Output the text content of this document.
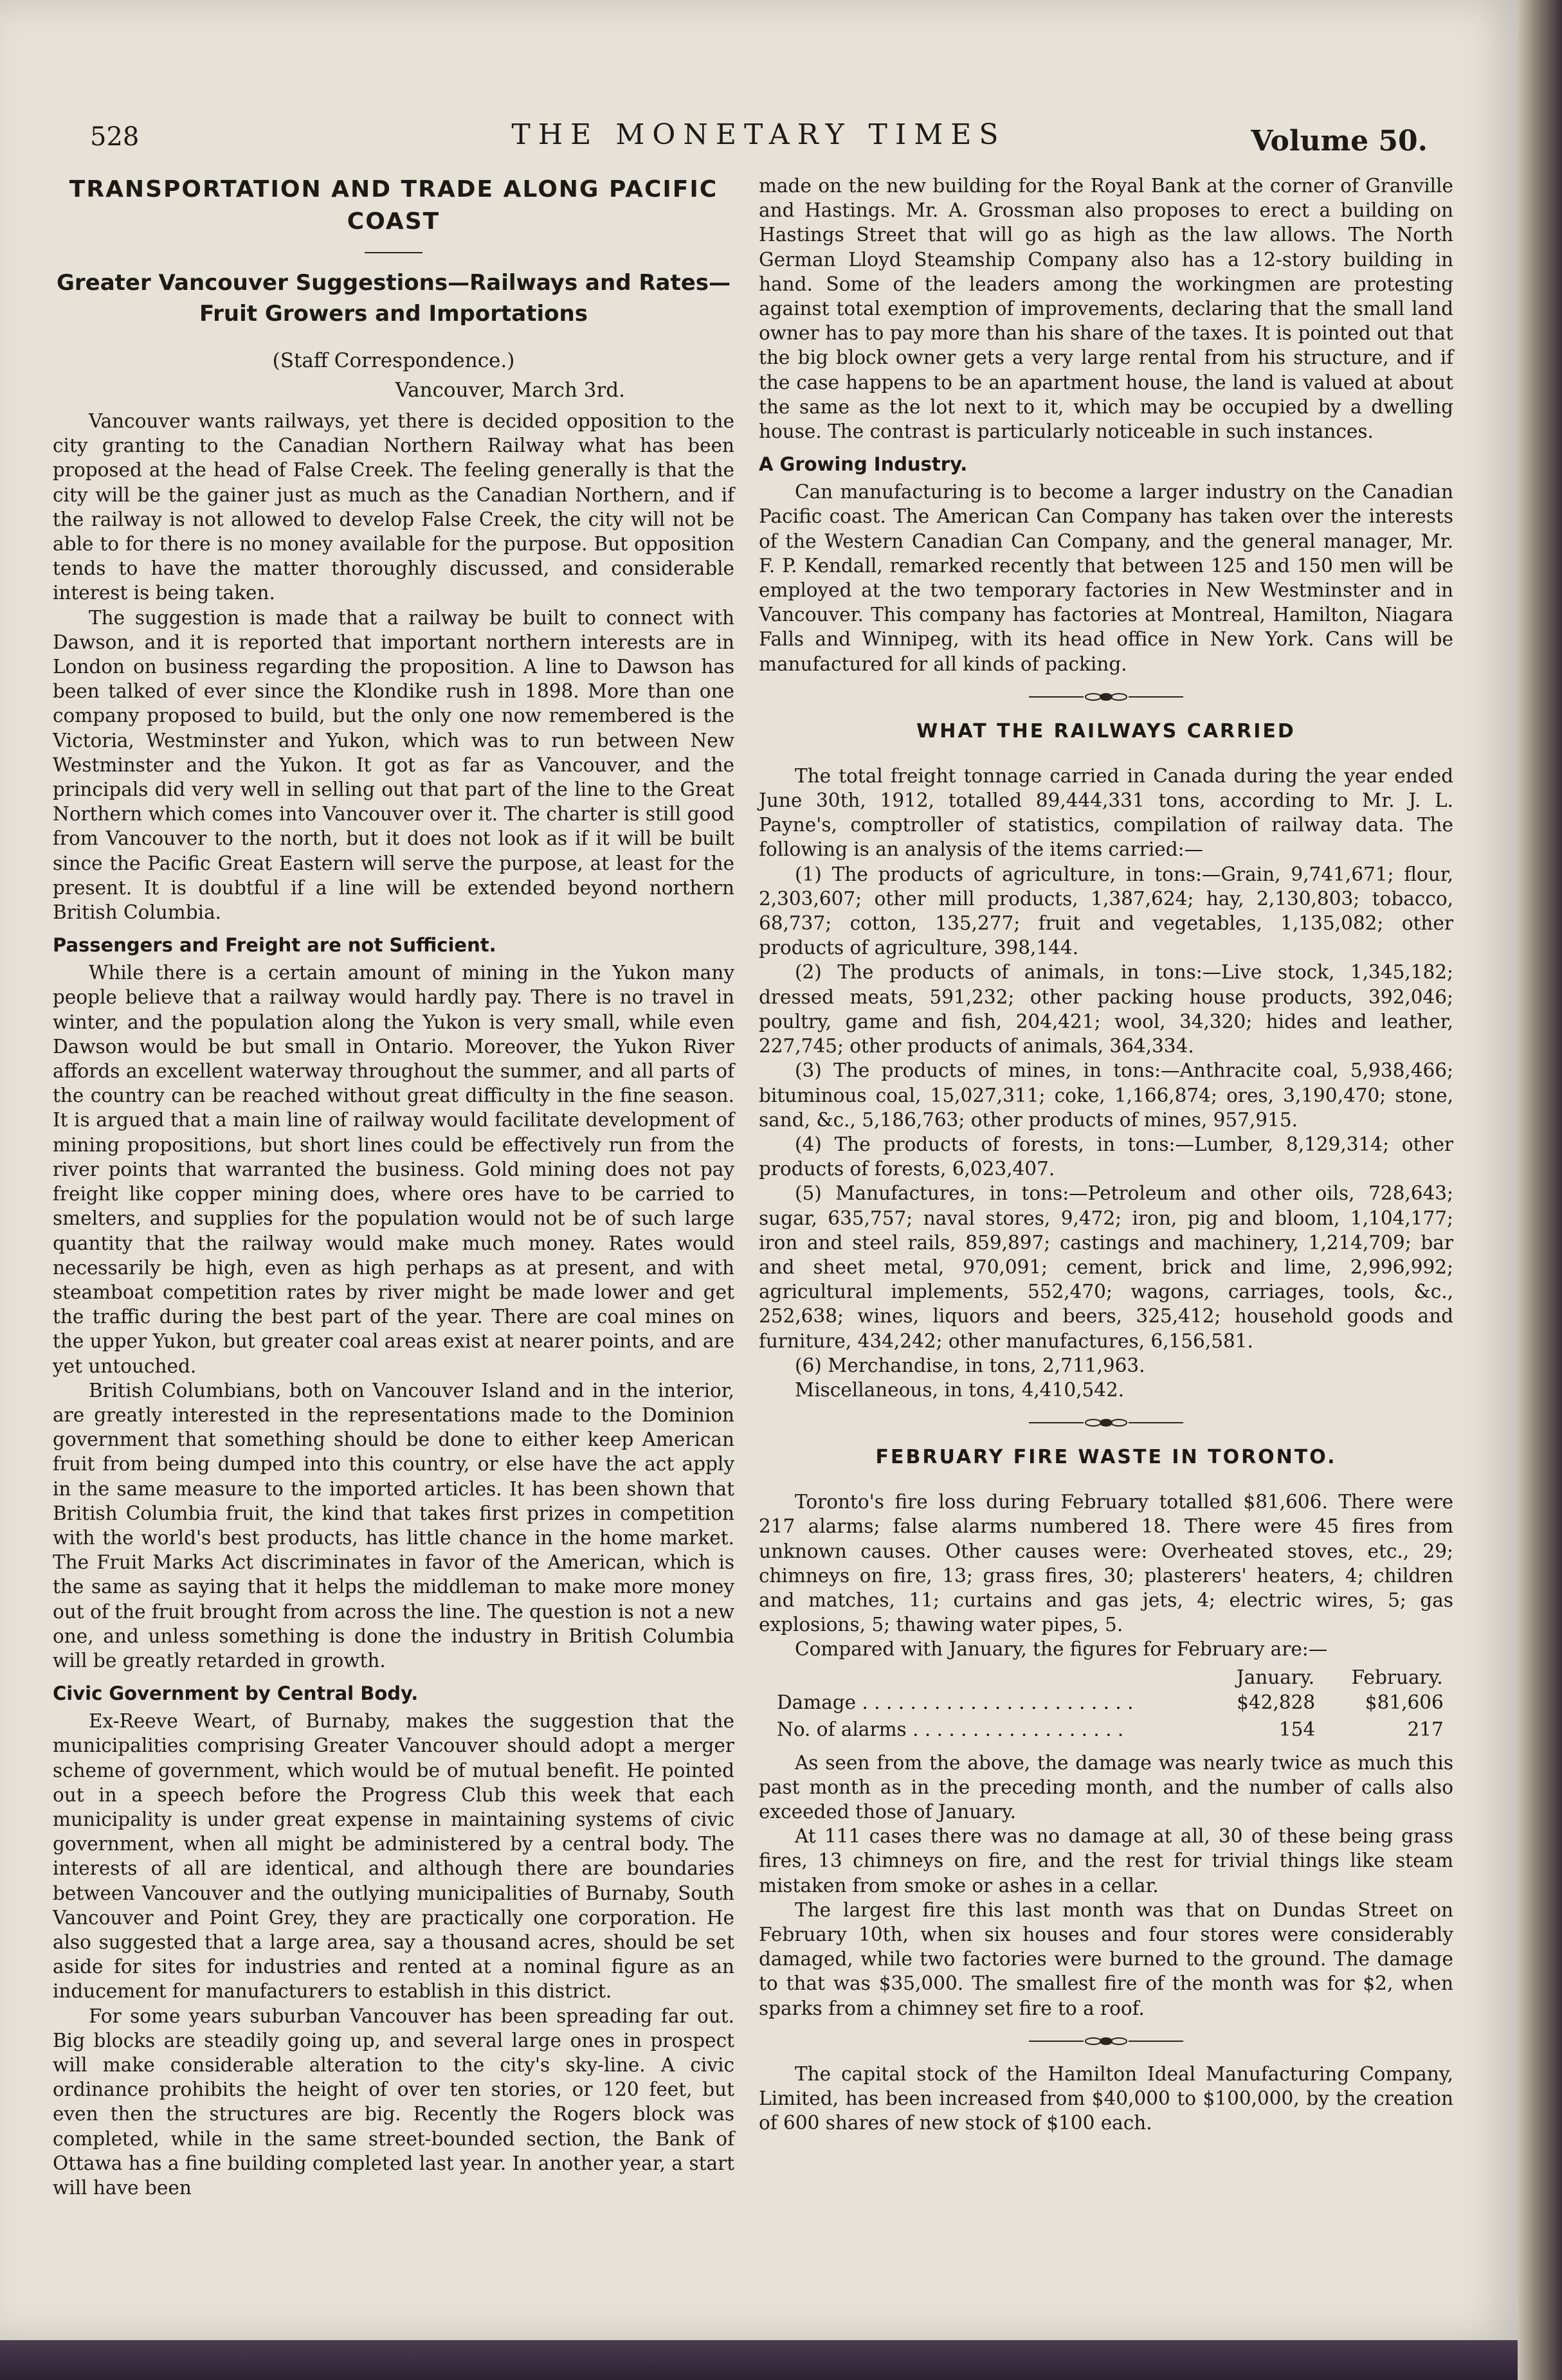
528	THE MONETARY TIMES	Volume 50.
TRANSPORTATION AND TRADE ALONG PACIFIC COAST
Greater Vancouver Suggestions—Railways and Rates—Fruit Growers and Importations
(Staff Correspondence.)
Vancouver, March 3rd.

Vancouver wants railways, yet there is decided opposition to the city granting to the Canadian Northern Railway what has been proposed at the head of False Creek. The feeling generally is that the city will be the gainer just as much as the Canadian Northern, and if the railway is not allowed to develop False Creek, the city will not be able to for there is no money available for the purpose. But opposition tends to have the matter thoroughly discussed, and considerable interest is being taken.

The suggestion is made that a railway be built to connect with Dawson, and it is reported that important northern interests are in London on business regarding the proposition. A line to Dawson has been talked of ever since the Klondike rush in 1898. More than one company proposed to build, but the only one now remembered is the Victoria, Westminster and Yukon, which was to run between New Westminster and the Yukon. It got as far as Vancouver, and the principals did very well in selling out that part of the line to the Great Northern which comes into Vancouver over it. The charter is still good from Vancouver to the north, but it does not look as if it will be built since the Pacific Great Eastern will serve the purpose, at least for the present. It is doubtful if a line will be extended beyond northern British Columbia.

Passengers and Freight are not Sufficient.

While there is a certain amount of mining in the Yukon many people believe that a railway would hardly pay. There is no travel in winter, and the population along the Yukon is very small, while even Dawson would be but small in Ontario. Moreover, the Yukon River affords an excellent waterway throughout the summer, and all parts of the country can be reached without great difficulty in the fine season. It is argued that a main line of railway would facilitate development of mining propositions, but short lines could be effectively run from the river points that warranted the business. Gold mining does not pay freight like copper mining does, where ores have to be carried to smelters, and supplies for the population would not be of such large quantity that the railway would make much money. Rates would necessarily be high, even as high perhaps as at present, and with steamboat competition rates by river might be made lower and get the traffic during the best part of the year. There are coal mines on the upper Yukon, but greater coal areas exist at nearer points, and are yet untouched.

British Columbians, both on Vancouver Island and in the interior, are greatly interested in the representations made to the Dominion government that something should be done to either keep American fruit from being dumped into this country, or else have the act apply in the same measure to the imported articles. It has been shown that British Columbia fruit, the kind that takes first prizes in competition with the world's best products, has little chance in the home market. The Fruit Marks Act discriminates in favor of the American, which is the same as saying that it helps the middleman to make more money out of the fruit brought from across the line. The question is not a new one, and unless something is done the industry in British Columbia will be greatly retarded in growth.

Civic Government by Central Body.

Ex-Reeve Weart, of Burnaby, makes the suggestion that the municipalities comprising Greater Vancouver should adopt a merger scheme of government, which would be of mutual benefit. He pointed out in a speech before the Progress Club this week that each municipality is under great expense in maintaining systems of civic government, when all might be administered by a central body. The interests of all are identical, and although there are boundaries between Vancouver and the outlying municipalities of Burnaby, South Vancouver and Point Grey, they are practically one corporation. He also suggested that a large area, say a thousand acres, should be set aside for sites for industries and rented at a nominal figure as an inducement for manufacturers to establish in this district.

For some years suburban Vancouver has been spreading far out. Big blocks are steadily going up, and several large ones in prospect will make considerable alteration to the city's sky-line. A civic ordinance prohibits the height of over ten stories, or 120 feet, but even then the structures are big. Recently the Rogers block was completed, while in the same street-bounded section, the Bank of Ottawa has a fine building completed last year. In another year, a start will have been

made on the new building for the Royal Bank at the corner of Granville and Hastings. Mr. A. Grossman also proposes to erect a building on Hastings Street that will go as high as the law allows. The North German Lloyd Steamship Company also has a 12-story building in hand. Some of the leaders among the workingmen are protesting against total exemption of improvements, declaring that the small land owner has to pay more than his share of the taxes. It is pointed out that the big block owner gets a very large rental from his structure, and if the case happens to be an apartment house, the land is valued at about the same as the lot next to it, which may be occupied by a dwelling house. The contrast is particularly noticeable in such instances.

A Growing Industry.

Can manufacturing is to become a larger industry on the Canadian Pacific coast. The American Can Company has taken over the interests of the Western Canadian Can Company, and the general manager, Mr. F. P. Kendall, remarked recently that between 125 and 150 men will be employed at the two temporary factories in New Westminster and in Vancouver. This company has factories at Montreal, Hamilton, Niagara Falls and Winnipeg, with its head office in New York. Cans will be manufactured for all kinds of packing.

WHAT THE RAILWAYS CARRIED

The total freight tonnage carried in Canada during the year ended June 30th, 1912, totalled 89,444,331 tons, according to Mr. J. L. Payne's, comptroller of statistics, compilation of railway data. The following is an analysis of the items carried:—

(1) The products of agriculture, in tons:—Grain, 9,741,671; flour, 2,303,607; other mill products, 1,387,624; hay, 2,130,803; tobacco, 68,737; cotton, 135,277; fruit and vegetables, 1,135,082; other products of agriculture, 398,144.

(2) The products of animals, in tons:—Live stock, 1,345,182; dressed meats, 591,232; other packing house products, 392,046; poultry, game and fish, 204,421; wool, 34,320; hides and leather, 227,745; other products of animals, 364,334.

(3) The products of mines, in tons:—Anthracite coal, 5,938,466; bituminous coal, 15,027,311; coke, 1,166,874; ores, 3,190,470; stone, sand, &c., 5,186,763; other products of mines, 957,915.

(4) The products of forests, in tons:—Lumber, 8,129,314; other products of forests, 6,023,407.

(5) Manufactures, in tons:—Petroleum and other oils, 728,643; sugar, 635,757; naval stores, 9,472; iron, pig and bloom, 1,104,177; iron and steel rails, 859,897; castings and machinery, 1,214,709; bar and sheet metal, 970,091; cement, brick and lime, 2,996,992; agricultural implements, 552,470; wagons, carriages, tools, &c., 252,638; wines, liquors and beers, 325,412; household goods and furniture, 434,242; other manufactures, 6,156,581.

(6) Merchandise, in tons, 2,711,963.

Miscellaneous, in tons, 4,410,542.

FEBRUARY FIRE WASTE IN TORONTO.

Toronto's fire loss during February totalled $81,606. There were 217 alarms; false alarms numbered 18. There were 45 fires from unknown causes. Other causes were: Overheated stoves, etc., 29; chimneys on fire, 13; grass fires, 30; plasterers' heaters, 4; children and matches, 11; curtains and gas jets, 4; electric wires, 5; gas explosions, 5; thawing water pipes, 5.

Compared with January, the figures for February are:—

	January.	February.
Damage . . . . . . . . . . . . . . . . . . . . . . .	$42,828	$81,606
No. of alarms . . . . . . . . . . . . . . . . . .	154	217

As seen from the above, the damage was nearly twice as much this past month as in the preceding month, and the number of calls also exceeded those of January.

At 111 cases there was no damage at all, 30 of these being grass fires, 13 chimneys on fire, and the rest for trivial things like steam mistaken from smoke or ashes in a cellar.

The largest fire this last month was that on Dundas Street on February 10th, when six houses and four stores were considerably damaged, while two factories were burned to the ground. The damage to that was $35,000. The smallest fire of the month was for $2, when sparks from a chimney set fire to a roof.

The capital stock of the Hamilton Ideal Manufacturing Company, Limited, has been increased from $40,000 to $100,000, by the creation of 600 shares of new stock of $100 each.
